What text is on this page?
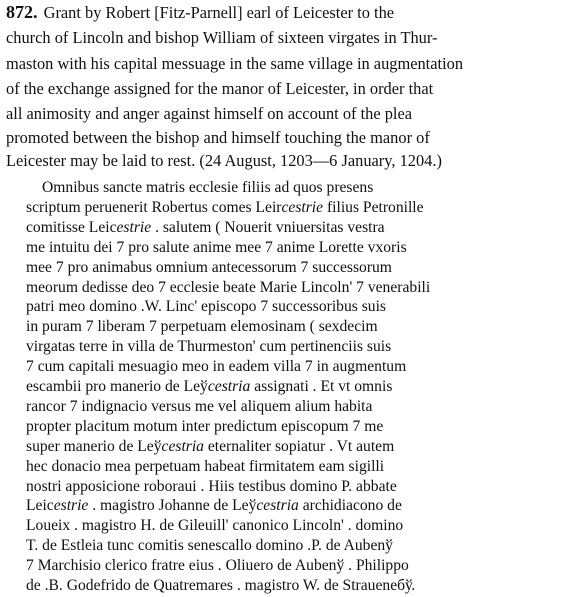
872. Grant by Robert [Fitz-Parnell] earl of Leicester to the
church of Lincoln and bishop William of sixteen virgates in Thur-
maston with his capital messuage in the same village in augmentation
of the exchange assigned for the manor of Leicester, in order that
all animosity and anger against himself on account of the plea
promoted between the bishop and himself touching the manor of
Leicester may be laid to rest. (24 August, 1203—6 January, 1204.)
Omnibus sancte matris ecclesie filiis ad quos presens
scriptum peruenerit Robertus comes Leircestrie filius Petronille
comitisse Leicestrie . salutem ( Nouerit vniuersitas vestra
me intuitu dei 7 pro salute anime mee 7 anime Lorette vxoris
mee 7 pro animabus omnium antecessorum 7 successorum
meorum dedisse deo 7 ecclesie beate Marie Lincoln' 7 venerabili
patri meo domino .W. Linc' episcopo 7 successoribus suis
in puram 7 liberam 7 perpetuam elemosinam ( sexdecim
virgatas terre in villa de Thurmeston' cum pertinenciis suis
7 cum capitali mesuagio meo in eadem villa 7 in augmentum
escambii pro manerio de Leўcestria assignati . Et vt omnis
rancor 7 indignacio versus me vel aliquem alium habita
propter placitum motum inter predictum episcopum 7 me
super manerio de Leўcestria eternaliter sopiatur . Vt autem
hec donacio mea perpetuam habeat firmitatem eam sigilli
nostri apposicione roboraui . Hiis testibus domino P. abbate
Leicestrie . magistro Johanne de Leўcestria archidiacono de
Loueix . magistro H. de Gileuill' canonico Lincoln' . domino
T. de Estleia tunc comitis senescallo domino .P. de Aubenў
7 Marchisio clerico fratre eius . Oliuero de Aubenў . Philippo
de .B. Godefrido de Quatremares . magistro W. de Straueneбў.
